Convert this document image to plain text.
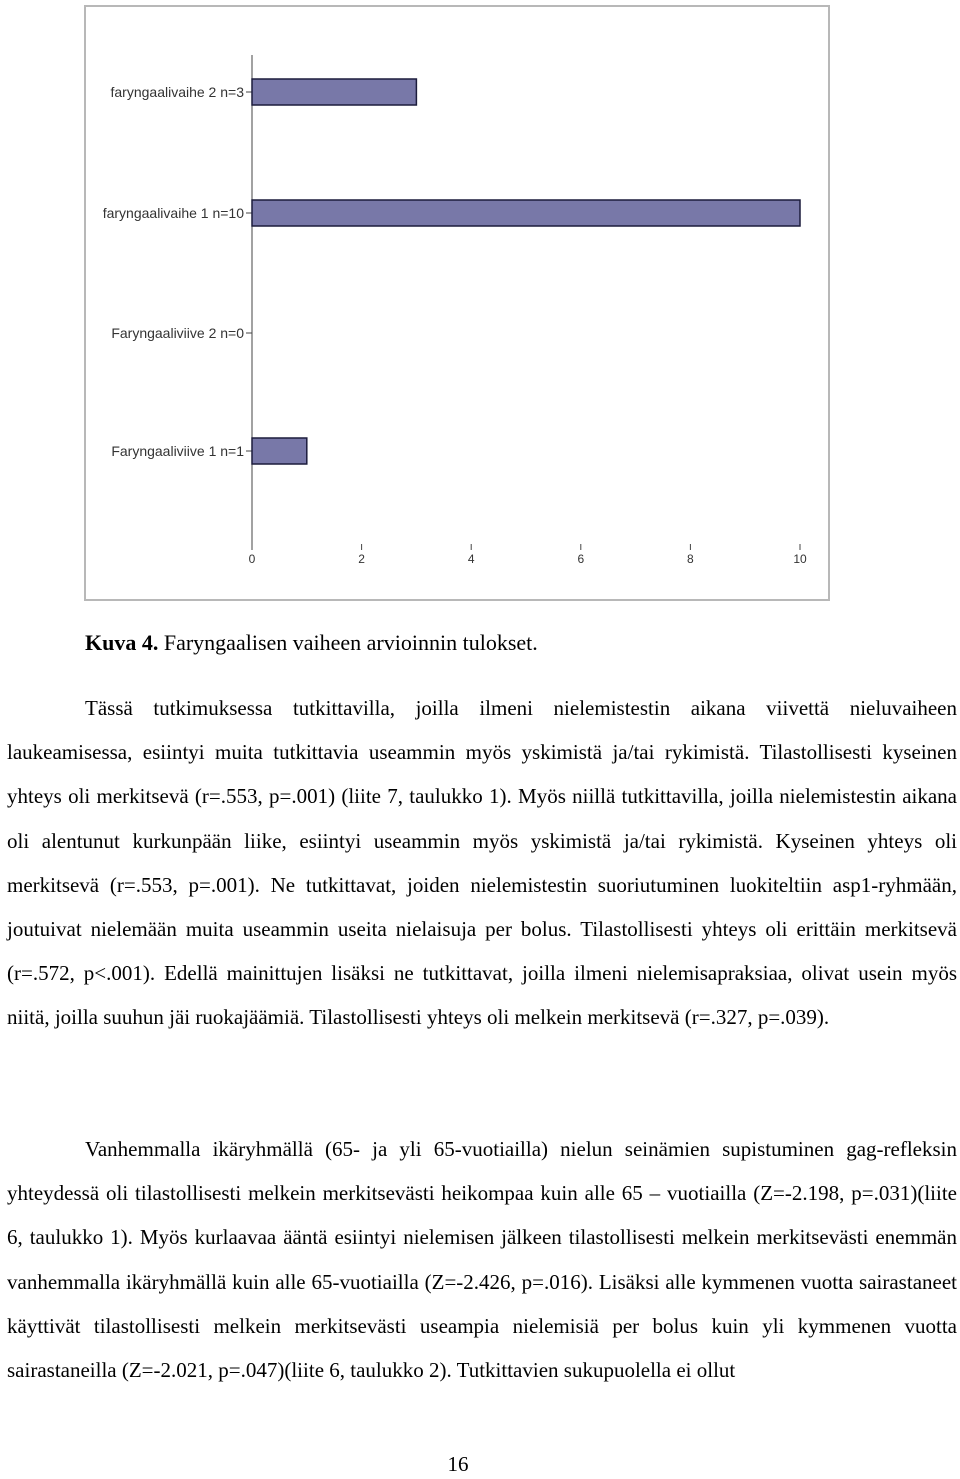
faryngaalivaihe 2 n=3
faryngaalivaihe 1 n=10
Faryngaaliviive 2 n=0
Faryngaaliviive 1 n=1
0	2	4	6	8	10
Kuva 4. Faryngaalisen vaiheen arvioinnin tulokset.

Tässä tutkimuksessa tutkittavilla, joilla ilmeni nielemistestin aikana viivettä nieluvaiheen laukeamisessa, esiintyi muita tutkittavia useammin myös yskimistä ja/tai rykimistä. Tilastollisesti kyseinen yhteys oli merkitsevä (r=.553, p=.001) (liite 7, taulukko 1). Myös niillä tutkittavilla, joilla nielemistestin aikana oli alentunut kurkunpään liike, esiintyi useammin myös yskimistä ja/tai rykimistä. Kyseinen yhteys oli merkitsevä (r=.553, p=.001). Ne tutkittavat, joiden nielemistestin suoriutuminen luokiteltiin asp1-ryhmään, joutuivat nielemään muita useammin useita nielaisuja per bolus. Tilastollisesti yhteys oli erittäin merkitsevä (r=.572, p<.001). Edellä mainittujen lisäksi ne tutkittavat, joilla ilmeni nielemisapraksiaa, olivat usein myös niitä, joilla suuhun jäi ruokajäämiä. Tilastollisesti yhteys oli melkein merkitsevä (r=.327, p=.039).

Vanhemmalla ikäryhmällä (65- ja yli 65-vuotiailla) nielun seinämien supistuminen gag-refleksin yhteydessä oli tilastollisesti melkein merkitsevästi heikompaa kuin alle 65 – vuotiailla (Z=-2.198, p=.031)(liite 6, taulukko 1). Myös kurlaavaa ääntä esiintyi nielemisen jälkeen tilastollisesti melkein merkitsevästi enemmän vanhemmalla ikäryhmällä kuin alle 65-vuotiailla (Z=-2.426, p=.016). Lisäksi alle kymmenen vuotta sairastaneet käyttivät tilastollisesti melkein merkitsevästi useampia nielemisiä per bolus kuin yli kymmenen vuotta sairastaneilla (Z=-2.021, p=.047)(liite 6, taulukko 2). Tutkittavien sukupuolella ei ollut

16
